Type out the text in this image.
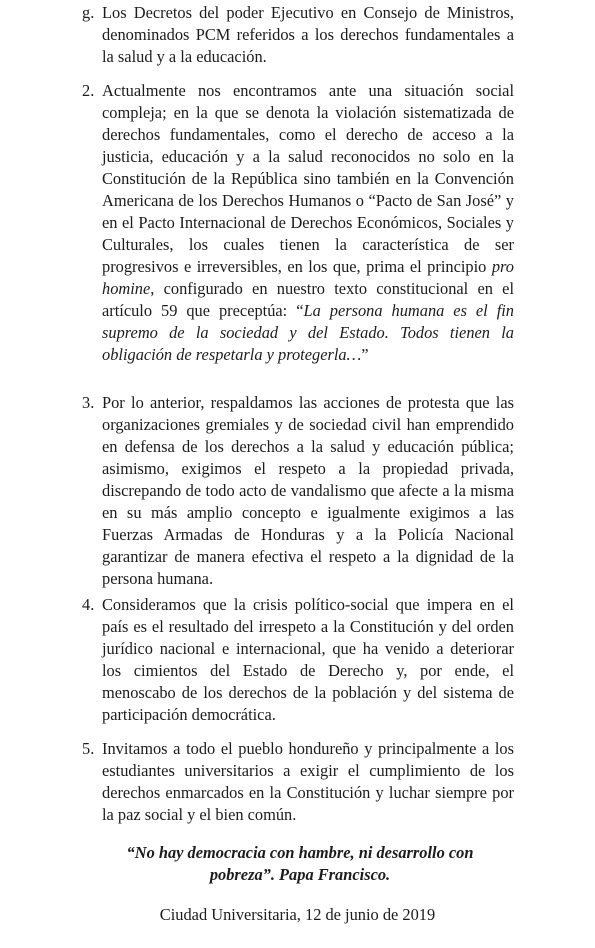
g. Los Decretos del poder Ejecutivo en Consejo de Ministros, denominados PCM referidos a los derechos fundamentales a la salud y a la educación.
2. Actualmente nos encontramos ante una situación social compleja; en la que se denota la violación sistematizada de derechos fundamentales, como el derecho de acceso a la justicia, educación y a la salud reconocidos no solo en la Constitución de la República sino también en la Convención Americana de los Derechos Humanos o “Pacto de San José” y en el Pacto Internacional de Derechos Económicos, Sociales y Culturales, los cuales tienen la característica de ser progresivos e irreversibles, en los que, prima el principio pro homine, configurado en nuestro texto constitucional en el artículo 59 que preceptúa: “La persona humana es el fin supremo de la sociedad y del Estado. Todos tienen la obligación de respetarla y protegerla…”
3. Por lo anterior, respaldamos las acciones de protesta que las organizaciones gremiales y de sociedad civil han emprendido en defensa de los derechos a la salud y educación pública; asimismo, exigimos el respeto a la propiedad privada, discrepando de todo acto de vandalismo que afecte a la misma en su más amplio concepto e igualmente exigimos a las Fuerzas Armadas de Honduras y a la Policía Nacional garantizar de manera efectiva el respeto a la dignidad de la persona humana.
4. Consideramos que la crisis político-social que impera en el país es el resultado del irrespeto a la Constitución y del orden jurídico nacional e internacional, que ha venido a deteriorar los cimientos del Estado de Derecho y, por ende, el menoscabo de los derechos de la población y del sistema de participación democrática.
5. Invitamos a todo el pueblo hondureño y principalmente a los estudiantes universitarios a exigir el cumplimiento de los derechos enmarcados en la Constitución y luchar siempre por la paz social y el bien común.
“No hay democracia con hambre, ni desarrollo con
pobreza”. Papa Francisco.
Ciudad Universitaria, 12 de junio de 2019
